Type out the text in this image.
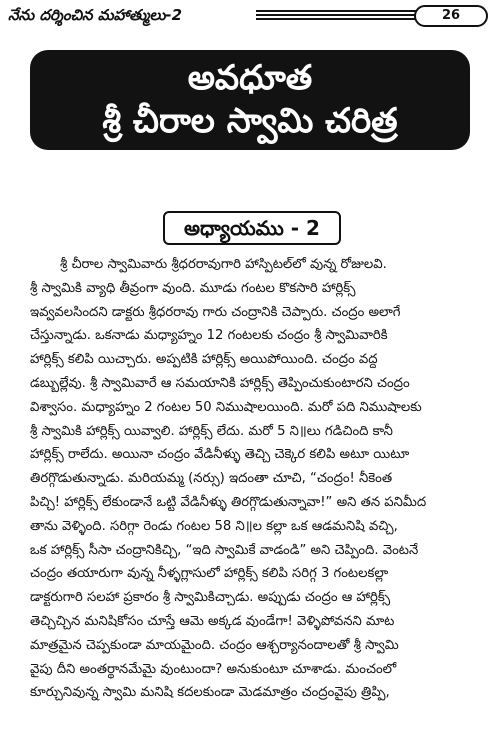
నేను దర్శించిన మహాత్ములు-2	26
అవధూత
శ్రీ చీరాల స్వామి చరిత్ర
అధ్యాయము - 2
శ్రీ చీరాల స్వామివారు శ్రీధరరావుగారి హాస్పిటల్‌లో వున్న రోజులవి.
శ్రీ స్వామికి వ్యాధి తీవ్రంగా వుంది. మూడు గంటల కొకసారి హార్లిక్స్
ఇవ్వవలసిందని డాక్టరు శ్రీధరరావు గారు చంద్రానికి చెప్పారు. చంద్రం అలాగే
చేస్తున్నాడు. ఒకనాడు మధ్యాహ్నం 12 గంటలకు చంద్రం శ్రీ స్వామివారికి
హార్లిక్స్ కలిపి యిచ్చారు. అప్పటికి హార్లిక్స్ అయిపోయింది. చంద్రం వద్ద
డబ్బుల్లేవు. శ్రీ స్వామివారే ఆ సమయానికి హార్లిక్స్ తెప్పించుకుంటారని చంద్రం
విశ్వాసం. మధ్యాహ్నం 2 గంటల 50 నిముషాలయింది. మరో పది నిముషాలకు
శ్రీ స్వామికి హార్లిక్స్ యివ్వాలి. హార్లిక్స్ లేదు. మరో 5 ని॥లు గడిచింది కానీ
హార్లిక్స్ రాలేదు. అయినా చంద్రం వేడినీళ్ళు తెచ్చి చెక్కెర కలిపి అటూ యిటూ
తిరగ్గొడుతున్నాడు. మరియమ్మ (నర్సు) ఇదంతా చూచి, “చంద్రం! నీకెంత
పిచ్చి! హార్లిక్స్ లేకుండానే ఒట్టి వేడినీళ్ళు తిరగ్గొడుతున్నావా!” అని తన పనిమీద
తాను వెళ్ళింది. సరిగ్గా రెండు గంటల 58 ని॥ల కల్లా ఒక ఆడమనిషి వచ్చి,
ఒక హార్లిక్స్ సీసా చంద్రానికిచ్చి, “ఇది స్వామికే వాడండి” అని చెప్పింది. వెంటనే
చంద్రం తయారుగా వున్న నీళ్ళగ్లాసులో హార్లిక్స్ కలిపి సరిగ్గ 3 గంటలకల్లా
డాక్టరుగారి సలహా ప్రకారం శ్రీ స్వామికిచ్చాడు. అప్పుడు చంద్రం ఆ హార్లిక్స్
తెచ్చిచ్చిన మనిషికోసం చూస్తే ఆమె అక్కడ వుండేగా! వెళ్ళిపోవనని మాట
మాత్రమైన చెప్పకుండా మాయమైంది. చంద్రం ఆశ్చర్యానందాలతో శ్రీ స్వామి
వైపు దీని అంతర్థానమేమై వుంటుందా? అనుకుంటూ చూశాడు. మంచంలో
కూర్చునివున్న స్వామి మనిషి కదలకుండా మెడమాత్రం చంద్రంవైపు త్రిప్పి,
